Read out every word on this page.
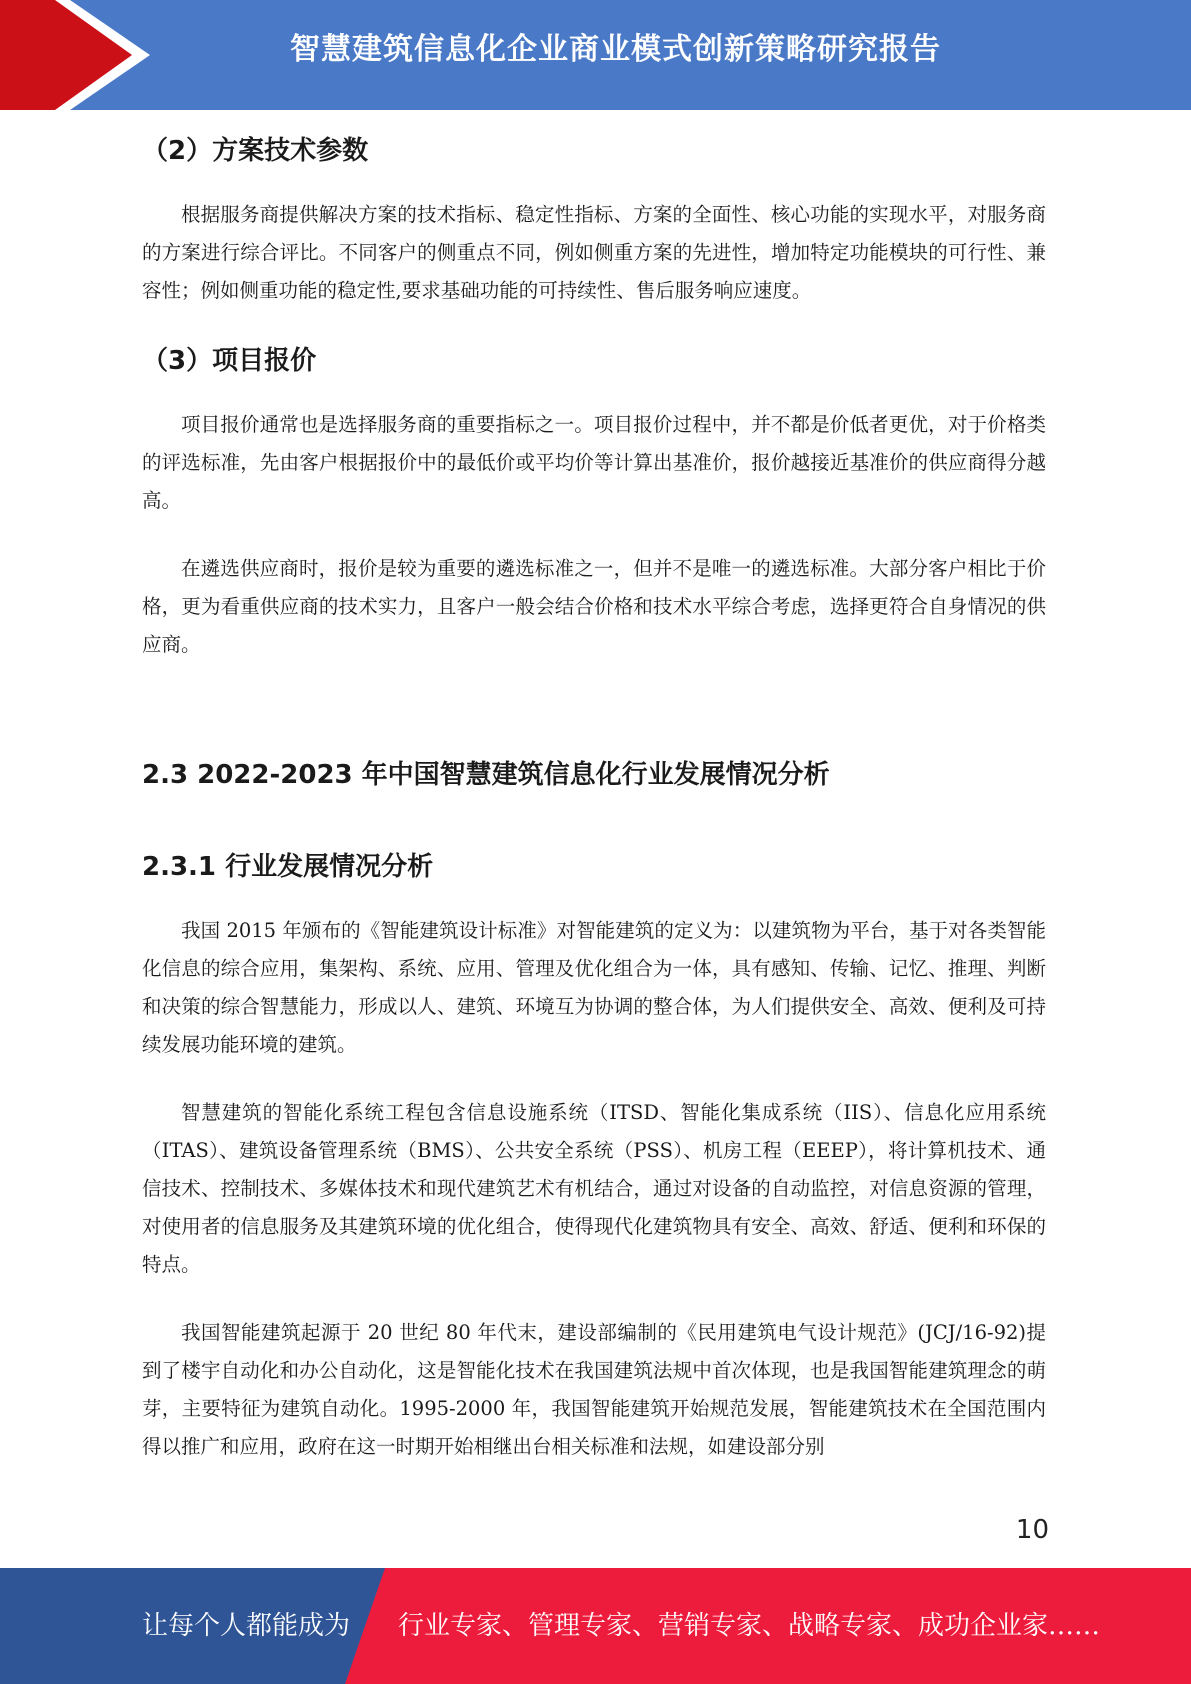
智慧建筑信息化企业商业模式创新策略研究报告
（2）方案技术参数

根据服务商提供解决方案的技术指标、稳定性指标、方案的全面性、核心功能的实现水平，对服务商的方案进行综合评比。不同客户的侧重点不同，例如侧重方案的先进性，增加特定功能模块的可行性、兼容性；例如侧重功能的稳定性,要求基础功能的可持续性、售后服务响应速度。

（3）项目报价

项目报价通常也是选择服务商的重要指标之一。项目报价过程中，并不都是价低者更优，对于价格类的评选标准，先由客户根据报价中的最低价或平均价等计算出基准价，报价越接近基准价的供应商得分越高。

在遴选供应商时，报价是较为重要的遴选标准之一，但并不是唯一的遴选标准。大部分客户相比于价格，更为看重供应商的技术实力，且客户一般会结合价格和技术水平综合考虑，选择更符合自身情况的供应商。

2.3 2022-2023 年中国智慧建筑信息化行业发展情况分析
2.3.1 行业发展情况分析

我国 2015 年颁布的《智能建筑设计标准》对智能建筑的定义为：以建筑物为平台，基于对各类智能化信息的综合应用，集架构、系统、应用、管理及优化组合为一体，具有感知、传输、记忆、推理、判断和决策的综合智慧能力，形成以人、建筑、环境互为协调的整合体，为人们提供安全、高效、便利及可持续发展功能环境的建筑。

智慧建筑的智能化系统工程包含信息设施系统（ITSD、智能化集成系统（IIS）、信息化应用系统（ITAS）、建筑设备管理系统（BMS）、公共安全系统（PSS）、机房工程（EEEP），将计算机技术、通信技术、控制技术、多媒体技术和现代建筑艺术有机结合，通过对设备的自动监控，对信息资源的管理，对使用者的信息服务及其建筑环境的优化组合，使得现代化建筑物具有安全、高效、舒适、便利和环保的特点。

我国智能建筑起源于 20 世纪 80 年代末，建设部编制的《民用建筑电气设计规范》(JCJ/16-92)提到了楼宇自动化和办公自动化，这是智能化技术在我国建筑法规中首次体现，也是我国智能建筑理念的萌芽，主要特征为建筑自动化。1995-2000 年，我国智能建筑开始规范发展，智能建筑技术在全国范围内得以推广和应用，政府在这一时期开始相继出台相关标准和法规，如建设部分别

10
让每个人都能成为 行业专家、管理专家、营销专家、战略专家、成功企业家……
